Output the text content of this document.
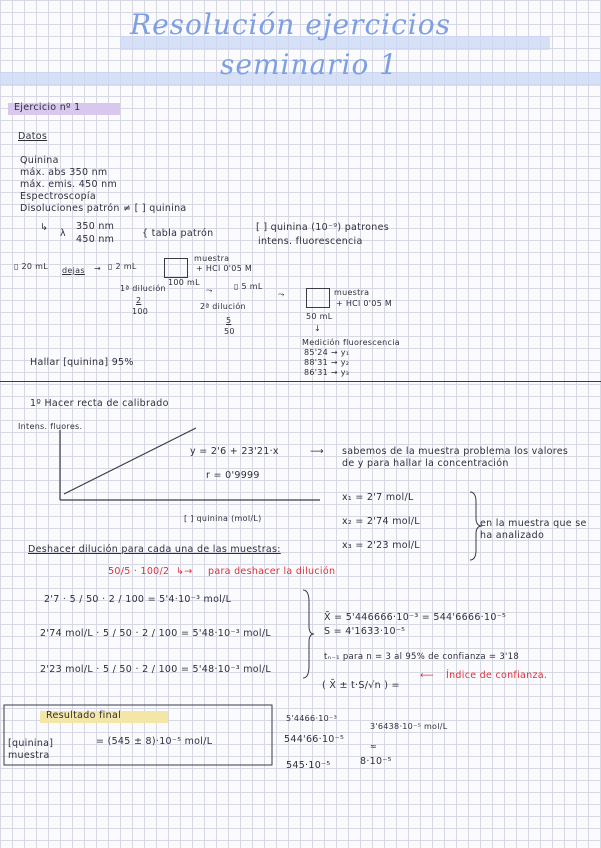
Resolución ejercicios
seminario 1
Ejercicio nº 1
Datos
Quinina
máx. abs 350 nm
máx. emis. 450 nm
Espectroscopía
Disoluciones patrón ≠ [ ] quinina
↳
λ
350 nm
450 nm
{ tabla patrón
[ ] quinina (10⁻⁹) patrones
intens. fluorescencia
▯ 20 mL dejas → ▯ 2 mL
muestra
+ HCl 0'05 M
100 mL
1ª dilución
2
100
⤳	▯ 5 mL
2ª dilución
5
50
⤳	muestra
+ HCl 0'05 M
50 mL
↓
Medición fluorescencia
85'24 → y₁
88'31 → y₂
86'31 → y₃
Hallar [quinina] 95%
1º Hacer recta de calibrado
Intens. fluores.
[ ] quinina (mol/L)
y = 2'6 + 23'21·x
r = 0'9999
⟶ sabemos de la muestra problema los valores de y para hallar la concentración
x₁ = 2'7 mol/L
x₂ = 2'74 mol/L
x₃ = 2'23 mol/L
en la muestra que se ha analizado
Deshacer dilución para cada una de las muestras:
50/5 · 100/2 ↳→ para deshacer la dilución
2'7 · 5 / 50 · 2 / 100 = 5'4·10⁻³ mol/L
2'74 mol/L · 5 / 50 · 2 / 100 = 5'48·10⁻³ mol/L
2'23 mol/L · 5 / 50 · 2 / 100 = 5'48·10⁻³ mol/L
X̄ = 5'446666·10⁻³ = 544'6666·10⁻⁵
S = 4'1633·10⁻⁵
tₙ₋₁ para n = 3 al 95% de confianza = 3'18
( X̄ ± t·S/√n ) =
⟵ Índice de confianza.
5'4466·10⁻³
544'66·10⁻⁵
3'6438·10⁻⁵ mol/L
≈
545·10⁻⁵	8·10⁻⁵
Resultado final
[quinina] muestra
= (545 ± 8)·10⁻⁵ mol/L
